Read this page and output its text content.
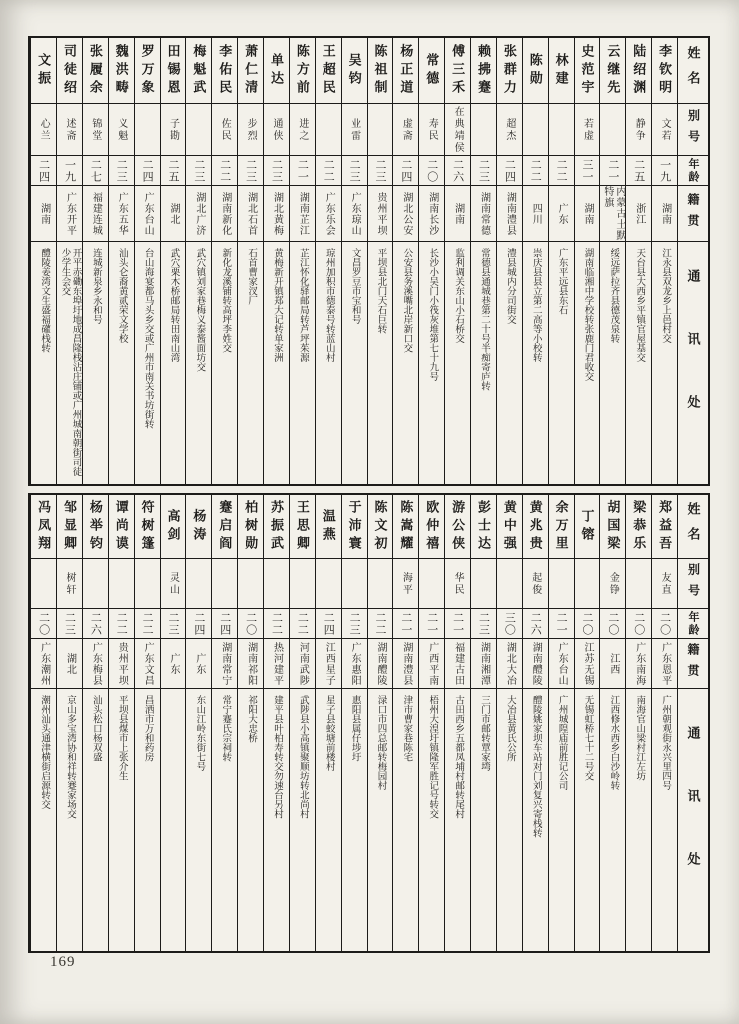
姓名
别号
年龄
籍贯
通讯处
李钦明
文若
一九
湖南
江永县双龙乡上邑村交
陆绍渊
静争
二五
浙江
天台县大西乡平镇官屋基交
云继先
二一
内蒙古土默特旗
绥远萨拉齐县德茂泉转
史范宇
若虚
三一
湖南
湖南临湘中学校转张鹿门君收交
林建
二二
广东
广东平远县东石
陈勋
二二
四川
崇庆县县立第二高等小校转
张群力
超杰
二四
湖南澧县
澧县城内分司街交
赖拂蹇
二三
湖南常德
常德县通城巷第二十号半痴寄庐转
傅三禾
在典靖侯
二六
湖南
监利调关东山小石桥交
常德
寿民
二〇
湖南长沙
长沙小吴门小筏灰堆第七十九号
杨正道
虚斋
二四
湖北公安
公安县务溪嘴北岸新口交
陈祖制
二三
贵州平坝
平坝县北门天石巨转
吴钧
业雷
二三
广东琼山
文昌罗豆市宝和号
王超民
二二
广东乐会
琼州加积市德泰号转蓝山村
陈方前
进之
二一
湖南芷江
芷江怀化驿邮局转芦坪茱源
单达
通侠
二三
湖北黄梅
黄梅新开镇郑大记转单家洲
萧仁清
步烈
二三
湖北石首
石首曹家汊厂
李佑民
佐民
二二
湖南新化
新化龙溪铺转高坪李姓交
梅魁武
二三
湖北广济
武穴镇刘家巷梅义泰酱面坊交
田锡恩
子勘
二五
湖北
武穴栗木桥邮局转田南山湾
罗万象
二四
广东台山
台山海宴都马头乡交或广州市南关书坊街转
魏洪畴
义魁
二三
广东五华
汕头仑裔黄贰荣文学校
张履余
锦堂
二七
福建连城
连城新泉乡永和号
司徒绍
述斋
一九
广东开平
开平赤磡东埠圩地成昌隆栈沾庄铺或广州城南朝街司徒少学生会交
文振
心兰
二四
湖南
醴陵姜湾文生盛福礶栈转
姓名
别号
年龄
籍贯
通讯处
郑益吾
友直
二〇
广东恩平
广州朝观街永兴里四号
梁恭乐
二〇
广东南海
南海官山梁村江左坊
胡国梁
金铮
二〇
江西
江西修水西乡白沙岭转
丁镕
二〇
江苏无锡
无锡虹桥七十二号交
余万里
二一
广东台山
广州城隍庙前胜记公司
黄兆贵
起俊
二六
湖南醴陵
醴陵姚家坝车站对门刘复兴寄栈转
黄中强
三〇
湖北大冶
大冶县黄氏公所
彭士达
二三
湖南湘潭
三门市邮转覃家塆
游公侠
华民
二一
福建古田
古田西乡五都凤埔村邮转尾村
欧仲禧
二一
广西平南
梧州大湟圩镇隆军胜记号转交
陈嵩耀
海平
二一
湖南澧县
津市曹家巷陈宅
陈文初
二二
湖南醴陵
渌口市四总邮转梅园村
于沛寰
二三
广东惠阳
惠阳县属仔埗圩
温燕
二四
江西星子
星子县蛟塘前楼村
王思卿
二二
河南武陟
武陟县小高镇聚顺坊转北尚村
苏振武
二二
热河建平
建平县叶柏寿转交勿速台另村
柏树勋
二〇
湖南祁阳
祁阳大忠桥
蹇启阎
二四
湖南常宁
常宁蹇氏宗祠转
杨涛
二四
广东
东山江岭东街七号
高剑
灵山
二三
广东
符树篷
二二
广东文昌
昌洒市万和药房
谭尚谟
二二
贵州平坝
平坝县煤市上张介生
杨举钧
二六
广东梅县
汕头松口杨双盛
邹显卿
树轩
二三
湖北
京山多宝湾协和祥转蹇家场交
冯凤翔
二〇
广东潮州
潮州汕头通津横街启源转交
169
